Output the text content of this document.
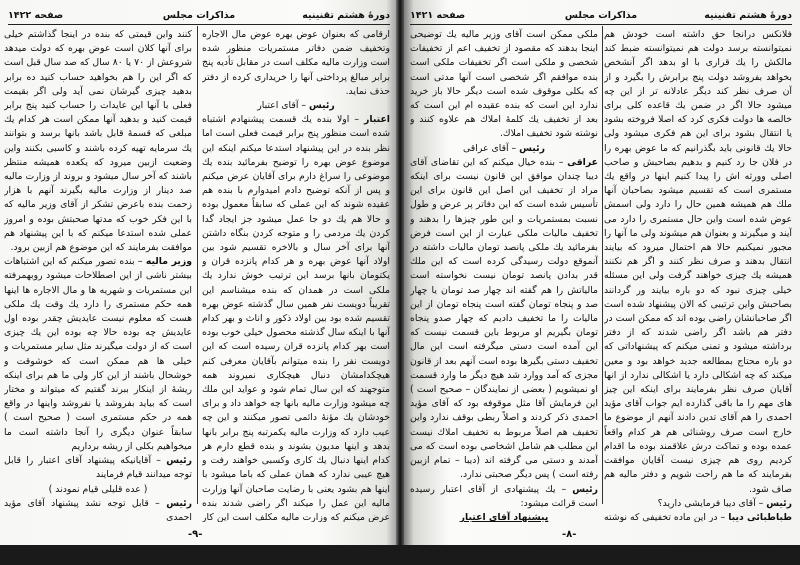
دورهٔ هشتم تقنینیه
مذاکرات مجلس
صفحه ۱۴۲۲

ارقامی که بعنوان عوض بهره عوض مال الاجاره وتخفیف ضمن دفاتر مستمریات منظور شده است وزارت مالیه مکلف است در مقابل تأدیه پنج برابر مبالغ پرداختی آنها را خریداری کرده از دفتر حذف نماید.

رئیس – آقای اعتبار

اعتبار – اولا بنده یك قسمت پیشنهادم اشتباه شده است منظور پنج برابر قیمت فعلی است اما نظر بنده در این پیشنهاد استدعا میکنم اینکه این موضوع عوض بهره را توضیح بفرمائید بنده یك موضوعی را سراغ دارم برای آقایان عرض میکنم و پس از آنکه توضیح دادم امیدوارم با بنده هم عقیده شوند که این عملی که سابقاً معمول بوده و حالا هم یك دو جا عمل میشود جز ایجاد گدا کردن یك مردمی را و متوجه کردن بنگاه داشتن آنها برای آخر سال و بالاخره تقسیم شود بین اولاد آنها عوض بهره و هر کدام پانزده قران و یکتومان بانها برسد این ترتیب خوش ندارد یك ملکی است در همدان که بنده میشناسم این تقریباً دویست نفر همین سال گذشته عوض بهره تقسیم شده بود بین اولاد ذکور و اناث و بهر کدام آنها با اینکه سال گذشته محصول خیلی خوب بوده است بهر کدام پانزده قران رسیده است که این دویست نفر را بنده میتوانم بآقایان معرفی کنم هیچکدامشان دنبال هیچکاری نمیروند همه متوجهند که این سال تمام شود و عواید این ملك چه میشود وزارت مالیه بانها چه خواهد داد و برای خودشان یك مؤنهٔ دائمی تصور میکنند و این چه عیب دارد که وزارت مالیه یکمرتبه پنج برابر بانها بدهد و اینها مدیون بشوند و بنده قطع دارم هر کدام اینها دنبال یك کاری وکسبی خواهند رفت و هیچ عیبی ندارد که همان عملی که باما میشود با اینها هم بشود یعنی با رضایت صاحبان آنها وزارت مالیه این عمل را میکند اگر راضی شدند بنده عرض میکنم که وزارت مالیه مکلف است این کار

کنند واین قیمتی که بنده در اینجا گذاشتم خیلی برای آنها کلان است عوض بهره که دولت میدهد شروعش از ۷۰ یا ۸۰ سال که صد سال قبل است که اگر این را هم بخواهید حساب کنید ده برابر بدهید چیزی گیرشان نمی آید ولی اگر بقیمت فعلی با آنها این عایدات را حساب کنید پنج برابر قیمت کنید و بدهید آنها ممکن است هر کدام یك مبلغی که قسمهٔ قابل باشد بانها برسد و بتوانند یك سرمایه تهیه کرده باشند و کاسبی بکنند واین وضعیت ازبین میرود که یکعده همیشه منتظر باشند که آخر سال میشود و بروند از وزارت مالیه صد دینار از وزارت مالیه بگیرند آنهم با هزار زحمت بنده باعرض تشکر از آقای وزیر مالیه که با این فکر خوب که مدتها صحبتش بوده و امروز عملی شده استدعا میکنم که با این پیشنهاد هم موافقت بفرمایند که این موضوع هم ازبین برود.

وزیر مالیه – بنده تصور میکنم که این اشتباهات بیشتر ناشی از این اصطلاحات میشود روبهمرفته این مستمریات و شهریه ها و مال الاجاره ها اینها همه حکم مستمری را دارد یك وقت یك ملکی هست که معلوم نیست عایدیش چقدر بوده اول عایدیش چه بوده حالا چه بوده این یك چیزی است که از دولت میگیرند مثل سایر مستمریات و خیلی ها هم ممکن است که خوشوقت و خوشحال باشند از این کار ولی ما هم برای اینکه ریشهٔ از اینکار ببرند گفتیم که میتواند و مختار است که بیاید بفروشد یا نفروشد واینها در واقع همه در حکم مستمری است ( صحیح است ) سابقاً عنوان دیگری را آنجا داشته است ما میخواهیم بکلی از ریشه برداریم

رئیس – آقایانیکه پیشنهاد آقای اعتبار را قابل توجه میدانند قیام فرمایند

( عده قلیلی قیام نمودند )

رئیس – قابل توجه نشد پیشنهاد آقای مؤید احمدی

-۹-
دورهٔ هشتم تقنینیه
مذاکرات مجلس
صفحه ۱۴۲۱

فلانکس درانجا حق داشته است خودش هم نمیتوانسته برسد دولت هم نمیتوانسته ضبط کند مالکش را یك قراری با او بدهد اگر آنشخص بخواهد بفروشد دولت پنج برابرش را بگیرد و از آن صرف نظر کند دیگر عادلانه تر از این چه میشود حالا اگر در ضمن یك قاعده کلی برای خالصه ها دولت فکری کرد که اصلا فروخته بشود یا انتقال بشود برای این هم فکری میشود ولی حالا یك قانونی باید بگذرانیم که ما عوض بهره را در فلان جا رد کنیم و بدهیم بصاحبش و صاحب اصلی وورثه اش را پیدا کنیم اینها در واقع یك مستمری است که تقسیم میشود بصاحبان آنها ملك هم همیشه همین حال را دارد ولی اسمش عوض شده است واین حال مستمری را دارد می آیند و میگیرند و بعنوان هم میشوند ولی ما آنها را مجبور نمیکنیم حالا هم احتمال میرود که بیایند انتقال بدهند و صرف نظر کنند و اگر هم نکنند همیشه یك چیزی خواهند گرفت ولی این مسئله خیلی چیزی نبود که دو باره بیایند ور گردانند بصاحبش واین ترتیبی که الان پیشنهاد شده است اگر صاحبانشان راضی بوده اند که ممکن است در دفتر هم باشد اگر راضی شدند که از دفتر برداشته میشود و تمنی میکنم که پیشنهاداتی که دو باره محتاج بمطالعه جدید خواهد بود و معین میکند که چه اشکالی دارد یا اشکالی ندارد از انها آقایان صرف نظر بفرمایند برای اینکه این چیز های مهم را ما باقی گذارده ایم جواب آقای مؤید احمدی را هم آقای تدین دادند آنهم از موضوع ما خارج است صرف روشنائی هم هر کدام واقعاً عمده بوده و تماکت درش علاقمند بوده ما اقدام کردیم روی هم چیزی نیست آقایان موافقت بفرمایند که ما هم راحت شویم و دفتر مالیه هم صاف شود.

رئیس – آقای دیبا فرمایشی دارید؟

طباطبائی دیبا – در این ماده تخفیفی که نوشته

ملکی ممکن است آقای وزیر مالیه یك توضیحی اینجا بدهند که مقصود از تخفیف اعم از تخفیفات شخصی و ملکی است اگر تخفیفات ملکی است بنده موافقم اگر شخصی است آنها مدتی است که بکلی موقوف شده است دیگر حالا باز خرید ندارد این است که بنده عقیده ام این است که بعد از تخفیف یك کلمهٔ املاك هم علاوه کنند و نوشته شود تخفیف املاك.

رئیس – آقای عراقی

عراقی – بنده خیال میکنم که این تقاضای آقای دیبا چندان موافق این قانون نیست برای اینکه مراد از تخفیف این اصل این قانون برای این تأسیس شده است که این دفاتر پر عرض و طول نسبت بمستمریات و این طور چیزها را بدهند و تخفیف مالیات ملکی عبارت از این است فرض بفرمائید یك ملکی پانصد تومان مالیات داشته در آنموقع دولت رسیدگی کرده است که این ملك قدر بدادن پانصد تومان نیست نخواسته است مالیاتش را هم گفته اند چهار صد تومان یا چهار صد و پنجاه تومان گفته است پنجاه تومان از این مالیات را ما تخفیف دادیم که چهار صدو پنجاه تومان بگیریم او مربوط باین قسمت نیست که این آمده است دستی میگرفته است این مال تخفیف دستی بگیرها بوده است آنهم بعد از قانون مجزی که آمد ووارد شد هیچ دیگر ما وارد قسمت او نمیشویم ( بعضی از نمایندگان – صحیح است ) این فرمایش آقا مثل موقوفه بود که آقای مؤید احمدی ذکر کردند و اصلاً ربطی بوقف ندارد واین تخفیف هم اصلاً مربوط به تخفیف املاك نیست این مطلب هم شامل اشخاصی بوده است که می آمدند و دستی می گرفته اند (دیبا – تمام ازبین رفته است ) پس دیگر صحبتی ندارد.

رئیس – یك پیشنهادی از آقای اعتبار رسیده است قرائت میشود:

پیشنهاد آقای اعتبار

-۸-
